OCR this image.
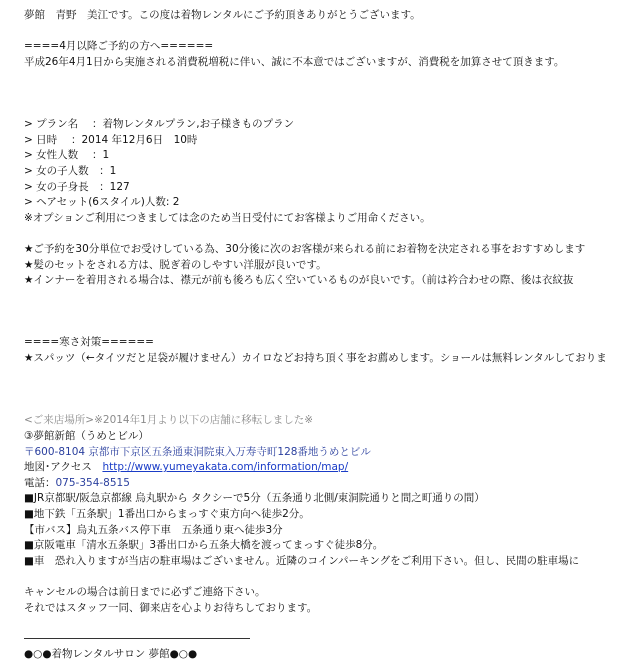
夢館　青野　美江です。この度は着物レンタルにご予約頂きありがとうございます。
====4月以降ご予約の方へ======
平成26年4月1日から実施される消費税増税に伴い、誠に不本意ではございますが、消費税を加算させて頂きます。
> プラン名　 ：着物レンタルプラン,お子様きものプラン
> 日時　 ：2014 年12月6日　10時
> 女性人数　 ：1
> 女の子人数　：1
> 女の子身長　：127
> ヘアセット(6スタイル)人数: 2
※オプションご利用につきましては念のため当日受付にてお客様よりご用命ください。
★ご予約を30分単位でお受けしている為、30分後に次のお客様が来られる前にお着物を決定される事をおすすめします
★髪のセットをされる方は、脱ぎ着のしやすい洋服が良いです。
★インナーを着用される場合は、襟元が前も後ろも広く空いているものが良いです。（前は衿合わせの際、後は衣紋抜
====寒さ対策======
★スパッツ（←タイツだと足袋が履けません）カイロなどお持ち頂く事をお薦めします。ショールは無料レンタルしておりま
<ご来店場所>※2014年1月より以下の店舗に移転しました※
③夢館新館（うめとビル）
〒600-8104 京都市下京区五条通東洞院東入万寿寺町128番地うめとビル
地図･アクセス　http://www.yumeyakata.com/information/map/
電話：075-354-8515
■JR京都駅/阪急京都線 烏丸駅から タクシーで5分（五条通り北側/東洞院通りと間之町通りの間）
■地下鉄「五条駅」1番出口からまっすぐ東方向へ徒歩2分。
【市バス】烏丸五条バス停下車　五条通り東へ徒歩3分
■京阪電車「清水五条駅」3番出口から五条大橋を渡ってまっすぐ徒歩8分。
■車　恐れ入りますが当店の駐車場はございません。近隣のコインパーキングをご利用下さい。但し、民間の駐車場に
キャンセルの場合は前日までに必ずご連絡下さい。
それではスタッフ一同、御来店を心よりお待ちしております。
●○●着物レンタルサロン 夢館●○●
